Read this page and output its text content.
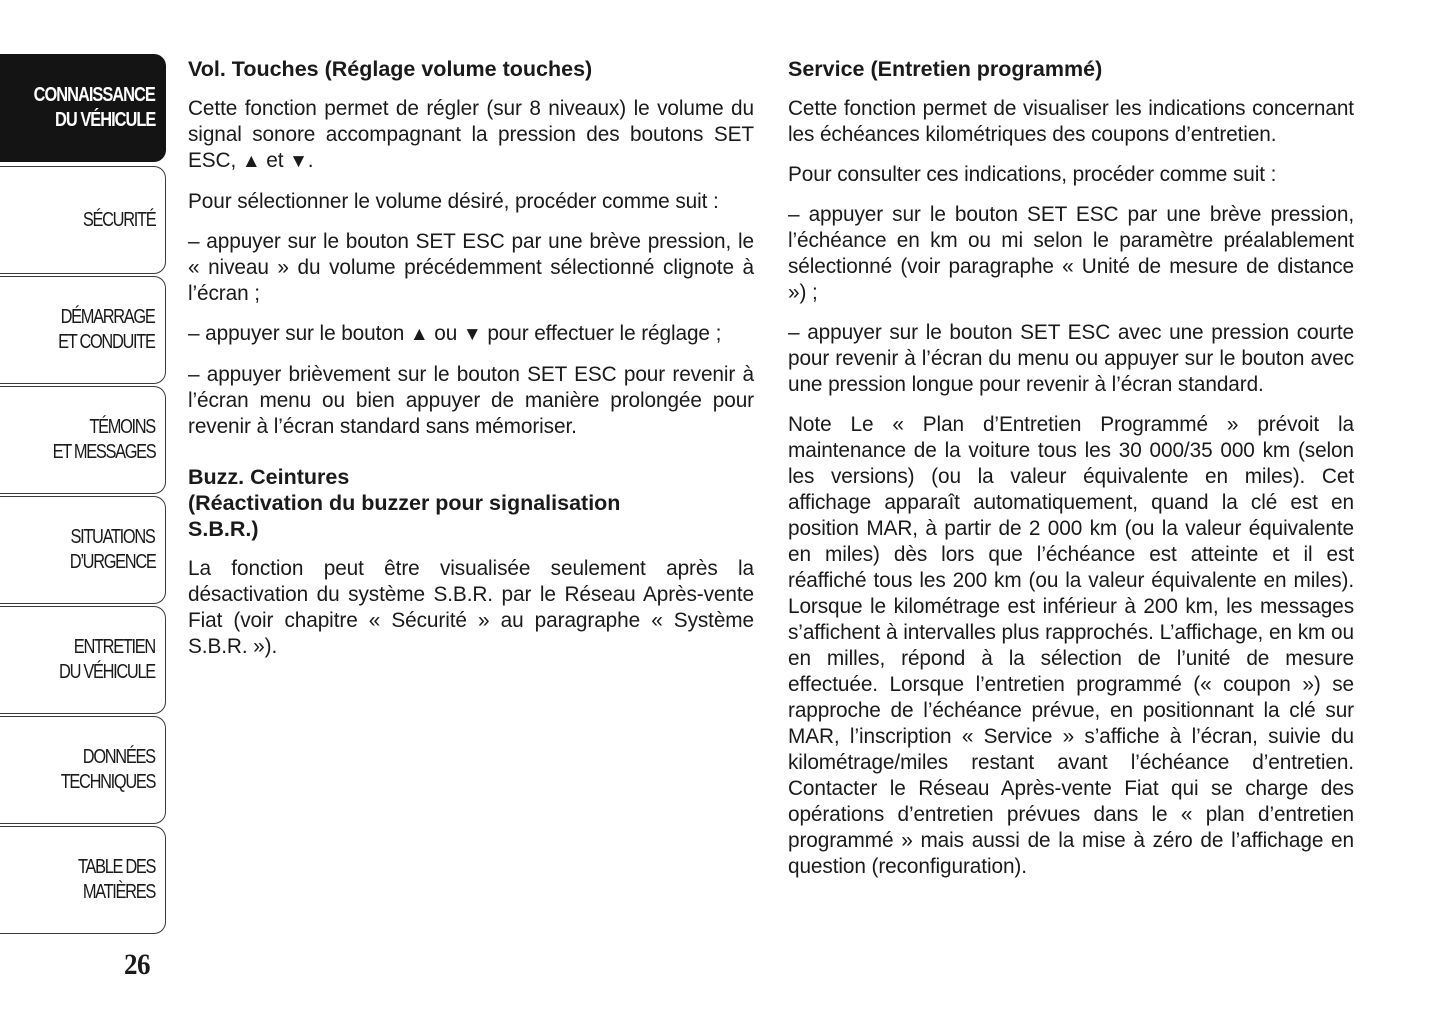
CONNAISSANCE
DU VÉHICULE
SÉCURITÉ
DÉMARRAGE
ET CONDUITE
TÉMOINS
ET MESSAGES
SITUATIONS
D’URGENCE
ENTRETIEN
DU VÉHICULE
DONNÉES
TECHNIQUES
TABLE DES
MATIÈRES
26
Vol. Touches (Réglage volume touches)

Cette fonction permet de régler (sur 8 niveaux) le volume du signal sonore accompagnant la pression des boutons SET ESC, ▲ et ▼.

Pour sélectionner le volume désiré, procéder comme suit :

– appuyer sur le bouton SET ESC par une brève pression, le « niveau » du volume précédemment sélectionné clignote à l’écran ;

– appuyer sur le bouton ▲ ou ▼ pour effectuer le réglage ;

– appuyer brièvement sur le bouton SET ESC pour revenir à l’écran menu ou bien appuyer de manière prolongée pour revenir à l’écran standard sans mémoriser.

Buzz. Ceintures
(Réactivation du buzzer pour signalisation
S.B.R.)

La fonction peut être visualisée seulement après la désactivation du système S.B.R. par le Réseau Après-vente Fiat (voir chapitre « Sécurité » au paragraphe « Système S.B.R. »).

Service (Entretien programmé)

Cette fonction permet de visualiser les indications concernant les échéances kilométriques des coupons d’entretien.

Pour consulter ces indications, procéder comme suit :

– appuyer sur le bouton SET ESC par une brève pression, l’échéance en km ou mi selon le paramètre préalablement sélectionné (voir paragraphe « Unité de mesure de distance ») ;

– appuyer sur le bouton SET ESC avec une pression courte pour revenir à l’écran du menu ou appuyer sur le bouton avec une pression longue pour revenir à l’écran standard.

Note Le « Plan d’Entretien Programmé » prévoit la maintenance de la voiture tous les 30 000/35 000 km (selon les versions) (ou la valeur équivalente en miles). Cet affichage apparaît automatiquement, quand la clé est en position MAR, à partir de 2 000 km (ou la valeur équivalente en miles) dès lors que l’échéance est atteinte et il est réaffiché tous les 200 km (ou la valeur équivalente en miles). Lorsque le kilométrage est inférieur à 200 km, les messages s’affichent à intervalles plus rapprochés. L’affichage, en km ou en milles, répond à la sélection de l’unité de mesure effectuée. Lorsque l’entretien programmé (« coupon ») se rapproche de l’échéance prévue, en positionnant la clé sur MAR, l’inscription « Service » s’affiche à l’écran, suivie du kilométrage/miles restant avant l’échéance d’entretien. Contacter le Réseau Après-vente Fiat qui se charge des opérations d’entretien prévues dans le « plan d’entretien programmé » mais aussi de la mise à zéro de l’affichage en question (reconfiguration).
